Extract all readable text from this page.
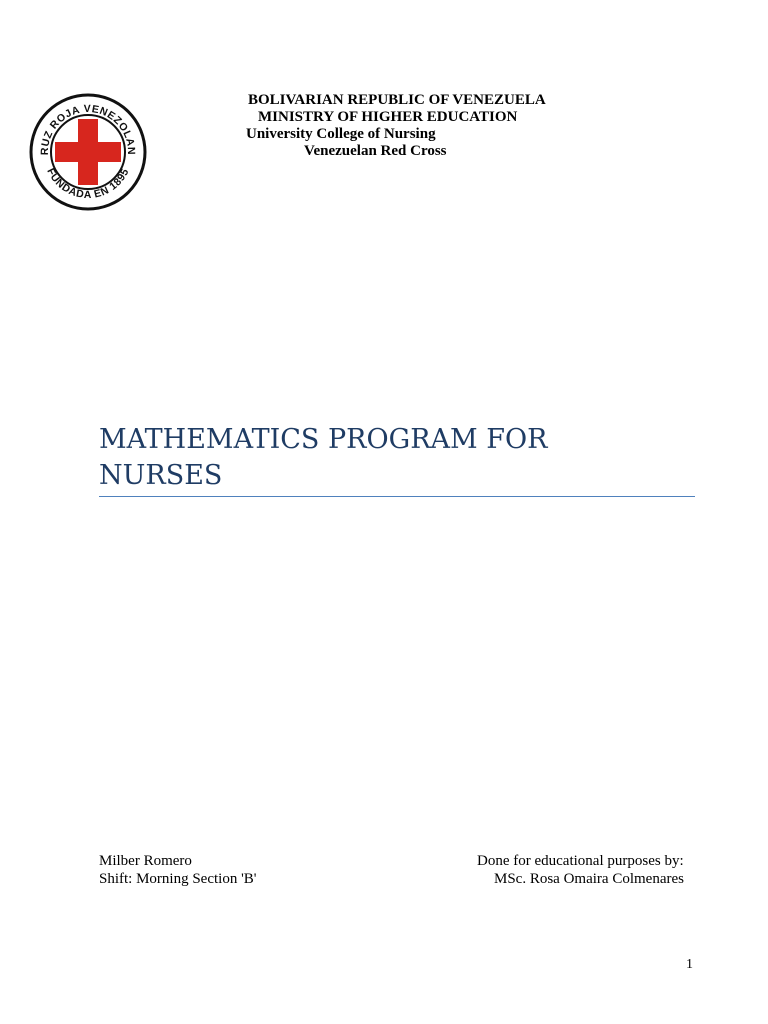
RUZ ROJA VENEZOLAN
FUNDADA EN 1895
BOLIVARIAN REPUBLIC OF VENEZUELA
MINISTRY OF HIGHER EDUCATION
University College of Nursing
Venezuelan Red Cross
MATHEMATICS PROGRAM FOR
NURSES
Milber Romero
Shift: Morning Section 'B'
Done for educational purposes by:
MSc. Rosa Omaira Colmenares
1
